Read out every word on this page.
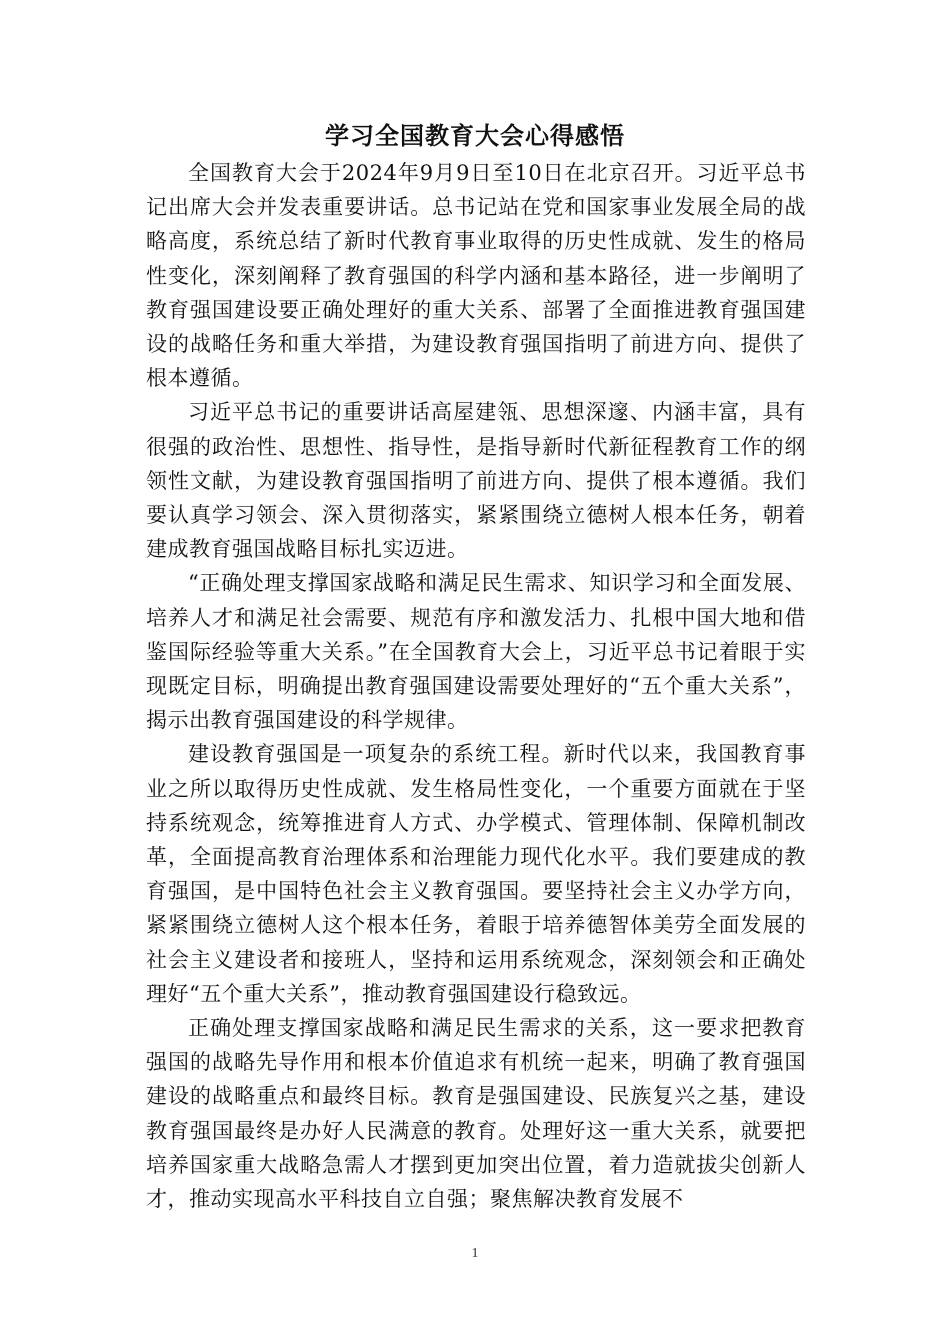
学习全国教育大会心得感悟

全国教育大会于2024年9月9日至10日在北京召开。习近平总书记出席大会并发表重要讲话。总书记站在党和国家事业发展全局的战略高度，系统总结了新时代教育事业取得的历史性成就、发生的格局性变化，深刻阐释了教育强国的科学内涵和基本路径，进一步阐明了教育强国建设要正确处理好的重大关系、部署了全面推进教育强国建设的战略任务和重大举措，为建设教育强国指明了前进方向、提供了根本遵循。

习近平总书记的重要讲话高屋建瓴、思想深邃、内涵丰富，具有很强的政治性、思想性、指导性，是指导新时代新征程教育工作的纲领性文献，为建设教育强国指明了前进方向、提供了根本遵循。我们要认真学习领会、深入贯彻落实，紧紧围绕立德树人根本任务，朝着建成教育强国战略目标扎实迈进。

“正确处理支撑国家战略和满足民生需求、知识学习和全面发展、培养人才和满足社会需要、规范有序和激发活力、扎根中国大地和借鉴国际经验等重大关系。”在全国教育大会上，习近平总书记着眼于实现既定目标，明确提出教育强国建设需要处理好的“五个重大关系”，揭示出教育强国建设的科学规律。

建设教育强国是一项复杂的系统工程。新时代以来，我国教育事业之所以取得历史性成就、发生格局性变化，一个重要方面就在于坚持系统观念，统筹推进育人方式、办学模式、管理体制、保障机制改革，全面提高教育治理体系和治理能力现代化水平。我们要建成的教育强国，是中国特色社会主义教育强国。要坚持社会主义办学方向，紧紧围绕立德树人这个根本任务，着眼于培养德智体美劳全面发展的社会主义建设者和接班人，坚持和运用系统观念，深刻领会和正确处理好“五个重大关系”，推动教育强国建设行稳致远。

正确处理支撑国家战略和满足民生需求的关系，这一要求把教育强国的战略先导作用和根本价值追求有机统一起来，明确了教育强国建设的战略重点和最终目标。教育是强国建设、民族复兴之基，建设教育强国最终是办好人民满意的教育。处理好这一重大关系，就要把培养国家重大战略急需人才摆到更加突出位置，着力造就拔尖创新人才，推动实现高水平科技自立自强；聚焦解决教育发展不

1
